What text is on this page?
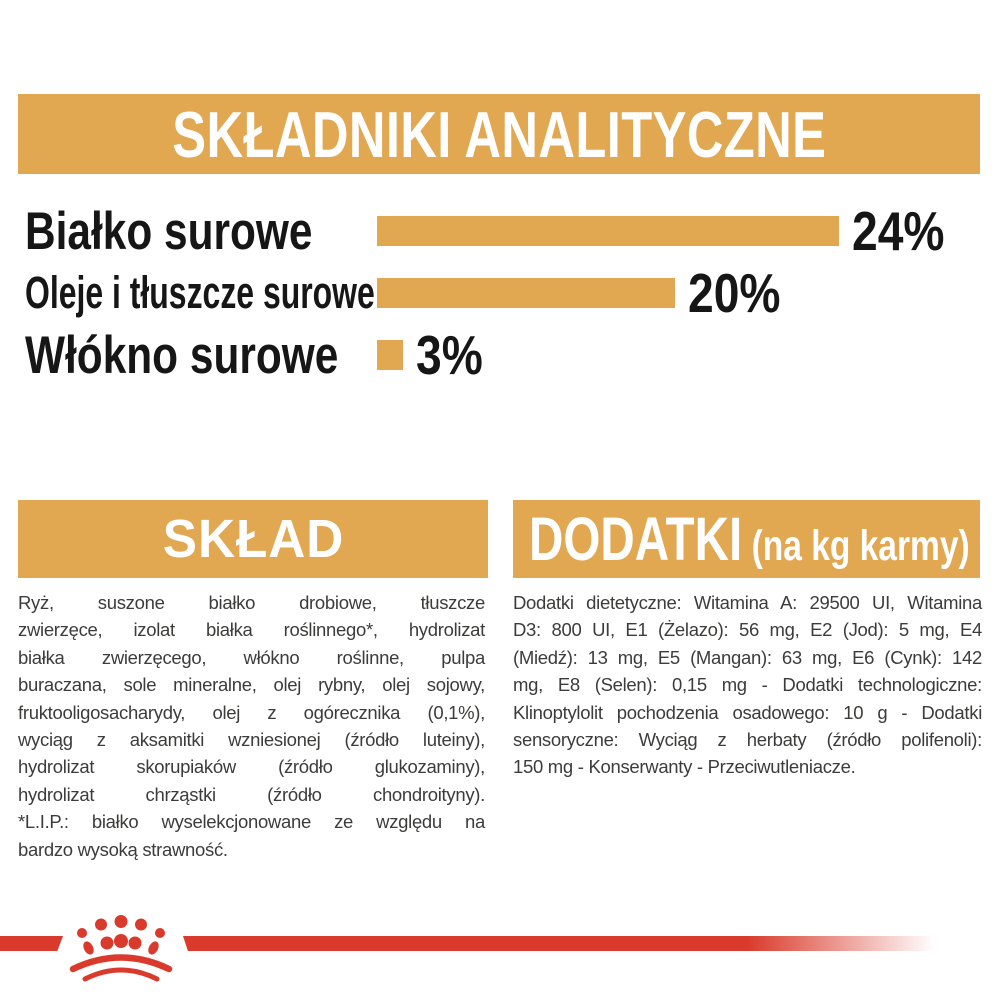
SKŁADNIKI ANALITYCZNE
Białko surowe	24%
Oleje i tłuszcze surowe	20%
Włókno surowe	3%
SKŁAD	DODATKI (na kg karmy)
Ryż, suszone białko drobiowe, tłuszcze
zwierzęce, izolat białka roślinnego*, hydrolizat
białka zwierzęcego, włókno roślinne, pulpa
buraczana, sole mineralne, olej rybny, olej sojowy,
fruktooligosacharydy, olej z ogórecznika (0,1%),
wyciąg z aksamitki wzniesionej (źródło luteiny),
hydrolizat skorupiaków (źródło glukozaminy),
hydrolizat chrząstki (źródło chondroityny).
*L.I.P.: białko wyselekcjonowane ze względu na
bardzo wysoką strawność.
Dodatki dietetyczne: Witamina A: 29500 UI, Witamina
D3: 800 UI, E1 (Żelazo): 56 mg, E2 (Jod): 5 mg, E4
(Miedź): 13 mg, E5 (Mangan): 63 mg, E6 (Cynk): 142
mg, E8 (Selen): 0,15 mg - Dodatki technologiczne:
Klinoptylolit pochodzenia osadowego: 10 g - Dodatki
sensoryczne: Wyciąg z herbaty (źródło polifenoli):
150 mg - Konserwanty - Przeciwutleniacze.
